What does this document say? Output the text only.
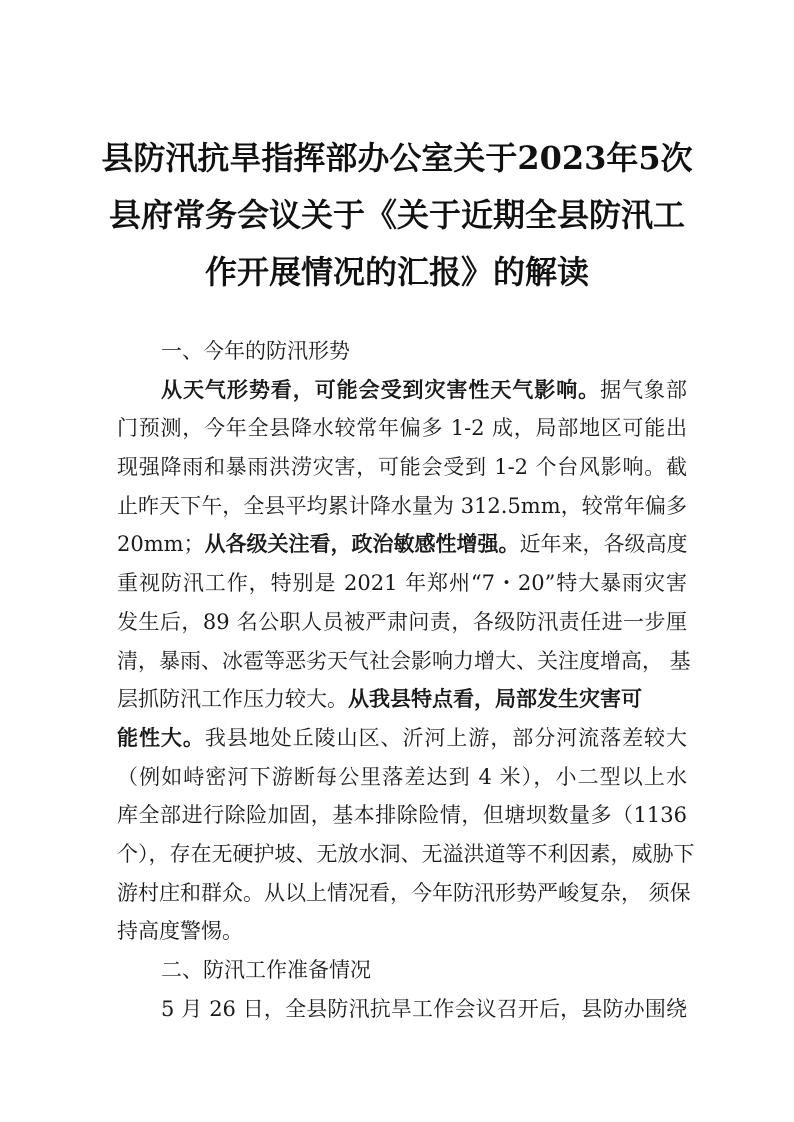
县防汛抗旱指挥部办公室关于2023年5次
县府常务会议关于《关于近期全县防汛工
作开展情况的汇报》的解读
一、今年的防汛形势
从天气形势看，可能会受到灾害性天气影响。据气象部
门预测，今年全县降水较常年偏多 1-2 成，局部地区可能出
现强降雨和暴雨洪涝灾害，可能会受到 1-2 个台风影响。截
止昨天下午，全县平均累计降水量为 312.5mm，较常年偏多
20mm；从各级关注看，政治敏感性增强。近年来，各级高度
重视防汛工作，特别是 2021 年郑州“7・20”特大暴雨灾害
发生后，89 名公职人员被严肃问责，各级防汛责任进一步厘
清，暴雨、冰雹等恶劣天气社会影响力增大、关注度增高， 基
层抓防汛工作压力较大。从我县特点看，局部发生灾害可
能性大。我县地处丘陵山区、沂河上游，部分河流落差较大
（例如峙密河下游断每公里落差达到 4 米），小二型以上水
库全部进行除险加固，基本排除险情，但塘坝数量多（1136
个），存在无硬护坡、无放水洞、无溢洪道等不利因素，威胁下
游村庄和群众。从以上情况看，今年防汛形势严峻复杂， 须保
持高度警惕。
二、防汛工作准备情况
5 月 26 日，全县防汛抗旱工作会议召开后，县防办围绕
